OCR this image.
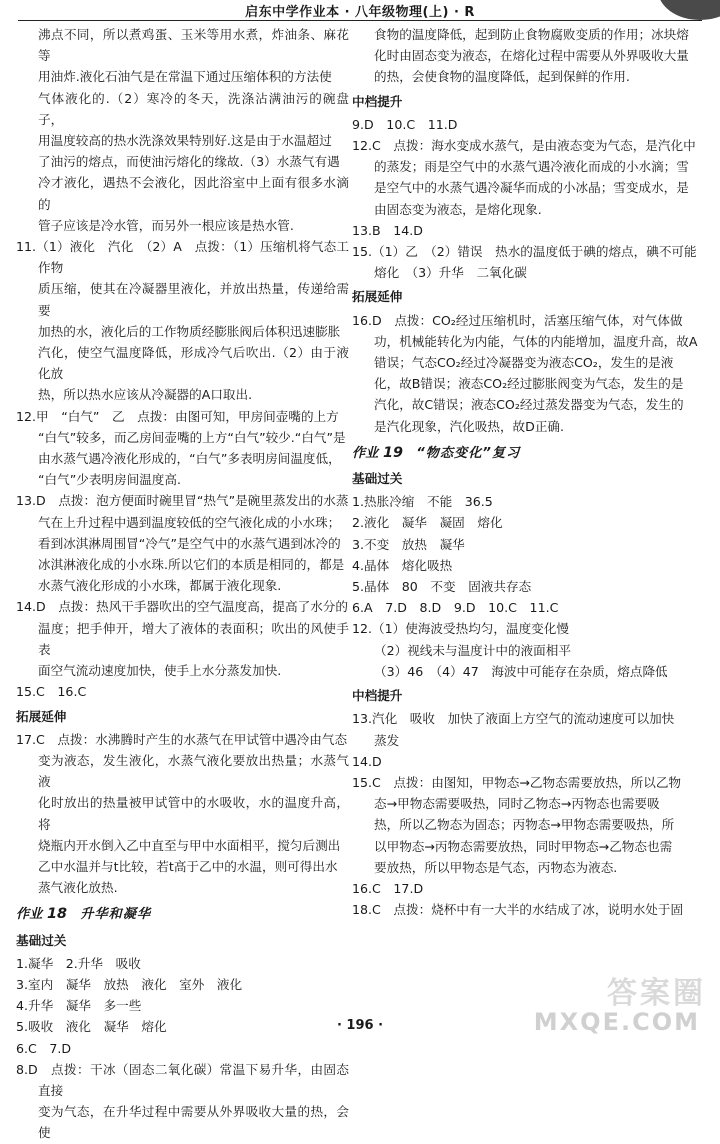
启东中学作业本 · 八年级物理(上) · R
沸点不同，所以煮鸡蛋、玉米等用水煮，炸油条、麻花等
用油炸.液化石油气是在常温下通过压缩体积的方法使
气体液化的.（2）寒冷的冬天，洗涤沾满油污的碗盘子，
用温度较高的热水洗涤效果特别好.这是由于水温超过
了油污的熔点，而使油污熔化的缘故.（3）水蒸气有遇
冷才液化，遇热不会液化，因此浴室中上面有很多水滴的
管子应该是冷水管，而另外一根应该是热水管.
11.（1）液化　汽化　（2）A　点拨：（1）压缩机将气态工作物
质压缩，使其在冷凝器里液化，并放出热量，传递给需要
加热的水，液化后的工作物质经膨胀阀后体积迅速膨胀
汽化，使空气温度降低，形成冷气后吹出.（2）由于液化放
热，所以热水应该从冷凝器的A口取出.
12.甲　“白气”　乙　点拨：由图可知，甲房间壶嘴的上方
“白气”较多，而乙房间壶嘴的上方“白气”较少.“白气”是
由水蒸气遇冷液化形成的，“白气”多表明房间温度低，
“白气”少表明房间温度高.
13.D　点拨：泡方便面时碗里冒“热气”是碗里蒸发出的水蒸
气在上升过程中遇到温度较低的空气液化成的小水珠；
看到冰淇淋周围冒“冷气”是空气中的水蒸气遇到冰冷的
冰淇淋液化成的小水珠.所以它们的本质是相同的，都是
水蒸气液化形成的小水珠，都属于液化现象.
14.D　点拨：热风干手器吹出的空气温度高，提高了水分的
温度；把手伸开，增大了液体的表面积；吹出的风使手表
面空气流动速度加快，使手上水分蒸发加快.
15.C　16.C
拓展延伸
17.C　点拨：水沸腾时产生的水蒸气在甲试管中遇冷由气态
变为液态，发生液化，水蒸气液化要放出热量；水蒸气液
化时放出的热量被甲试管中的水吸收，水的温度升高，将
烧瓶内开水倒入乙中直至与甲中水面相平，搅匀后测出
乙中水温并与t比较，若t高于乙中的水温，则可得出水
蒸气液化放热.
作业 18　 升华和凝华
基础过关
1.凝华　2.升华　吸收
3.室内　凝华　放热　液化　室外　液化
4.升华　凝华　多一些
5.吸收　液化　凝华　熔化
6.C　7.D
8.D　点拨：干冰（固态二氧化碳）常温下易升华，由固态直接
变为气态，在升华过程中需要从外界吸收大量的热，会使
食物的温度降低，起到防止食物腐败变质的作用；冰块熔
化时由固态变为液态，在熔化过程中需要从外界吸收大量
的热，会使食物的温度降低，起到保鲜的作用.
中档提升
9.D　10.C　11.D
12.C　点拨：海水变成水蒸气，是由液态变为气态，是汽化中
的蒸发；雨是空气中的水蒸气遇冷液化而成的小水滴；雪
是空气中的水蒸气遇冷凝华而成的小冰晶；雪变成水，是
由固态变为液态，是熔化现象.
13.B　14.D
15.（1）乙　（2）错误　热水的温度低于碘的熔点，碘不可能
熔化　（3）升华　二氧化碳
拓展延伸
16.D　点拨：CO₂经过压缩机时，活塞压缩气体，对气体做
功，机械能转化为内能，气体的内能增加，温度升高，故A
错误；气态CO₂经过冷凝器变为液态CO₂，发生的是液
化，故B错误；液态CO₂经过膨胀阀变为气态，发生的是
汽化，故C错误；液态CO₂经过蒸发器变为气态，发生的
是汽化现象，汽化吸热，故D正确.
作业 19　 “物态变化”复习
基础过关
1.热胀冷缩　不能　36.5
2.液化　凝华　凝固　熔化
3.不变　放热　凝华
4.晶体　熔化吸热
5.晶体　80　不变　固液共存态
6.A　7.D　8.D　9.D　10.C　11.C
12.（1）使海波受热均匀，温度变化慢
（2）视线未与温度计中的液面相平
（3）46　（4）47　海波中可能存在杂质，熔点降低
中档提升
13.汽化　吸收　加快了液面上方空气的流动速度可以加快
蒸发
14.D
15.C　点拨：由图知，甲物态→乙物态需要放热，所以乙物
态→甲物态需要吸热，同时乙物态→丙物态也需要吸
热，所以乙物态为固态；丙物态→甲物态需要吸热，所
以甲物态→丙物态需要放热，同时甲物态→乙物态也需
要放热，所以甲物态是气态，丙物态为液态.
16.C　17.D
18.C　点拨：烧杯中有一大半的水结成了冰，说明水处于固
· 196 ·
答案圈
MXQE.COM
